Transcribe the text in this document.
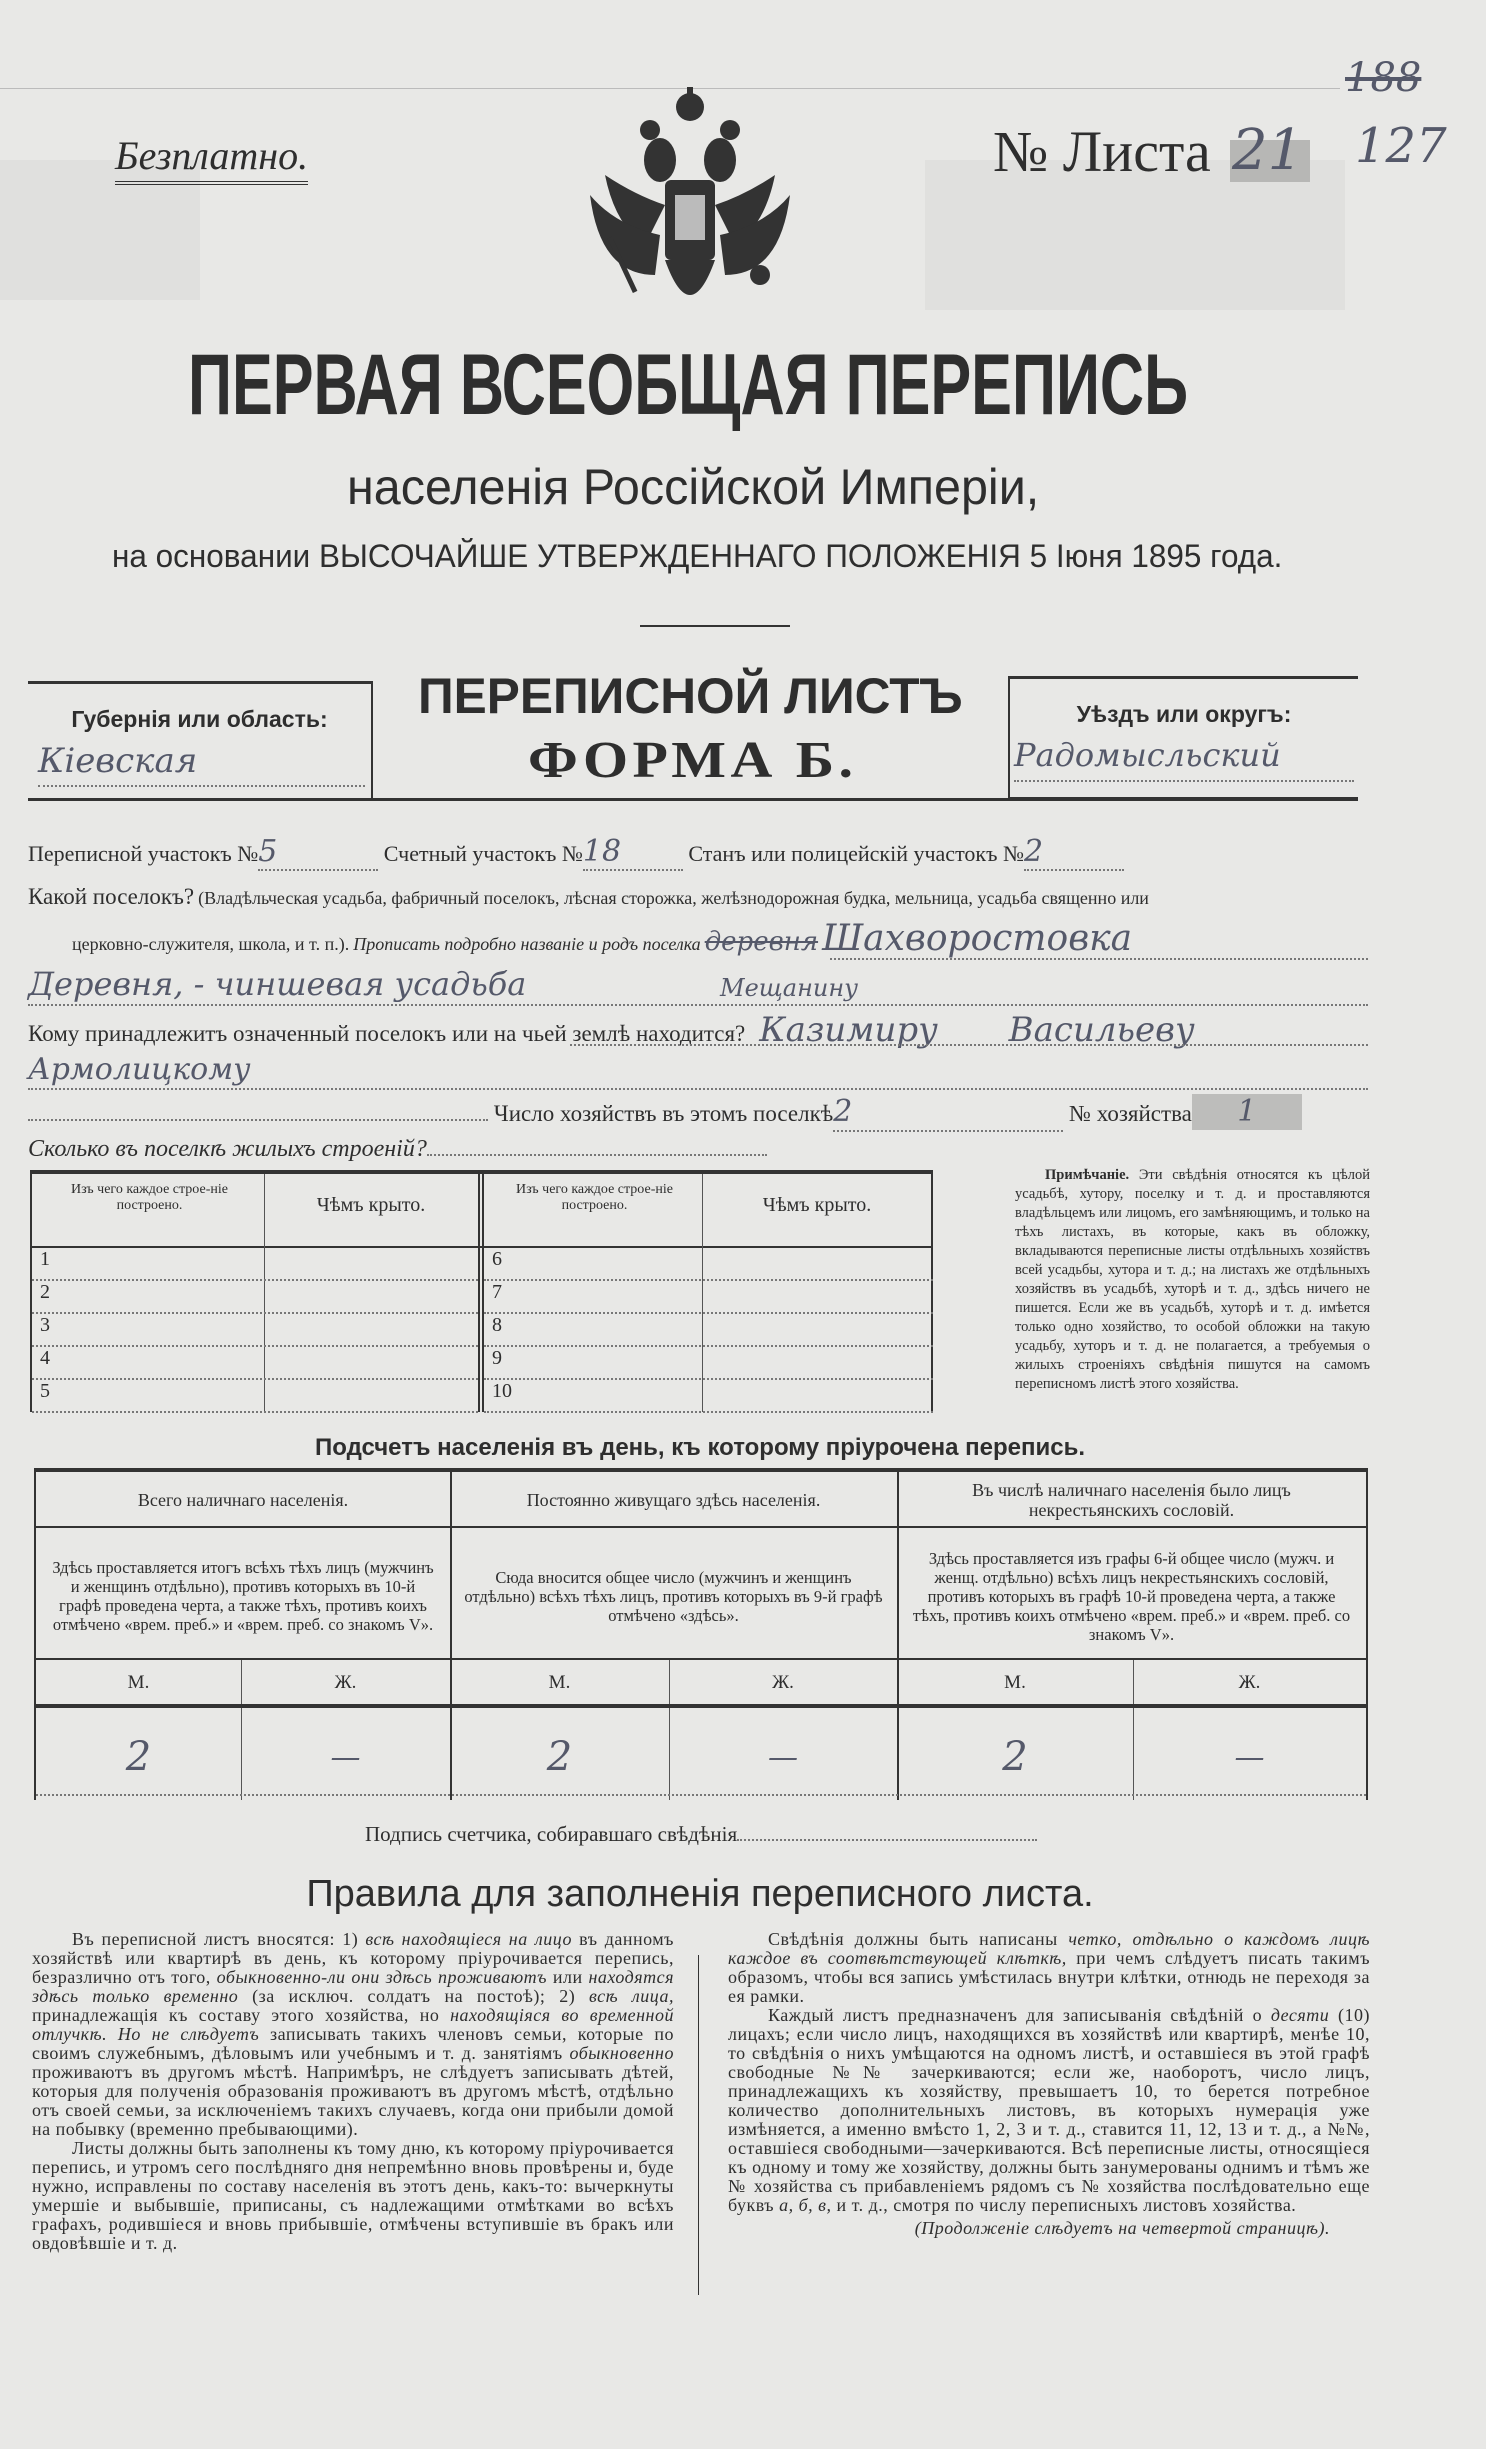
Безплатно.	№ Листа 21
188
127
ПЕРВАЯ ВСЕОБЩАЯ ПЕРЕПИСЬ
населенія Россійской Имперіи,
на основании ВЫСОЧАЙШЕ УТВЕРЖДЕННАГО ПОЛОЖЕНІЯ 5 Іюня 1895 года.
Губернія или область:
Кіевская
ПЕРЕПИСНОЙ ЛИСТЪ
ФОРМА Б.
Уѣздъ или округъ:
Радомысльский
Переписной участокъ №5	Счетный участокъ №18	Станъ или полицейскій участокъ №2
Какой поселокъ? (Владѣльческая усадьба, фабричный поселокъ, лѣсная сторожка, желѣзнодорожная будка, мельница, усадьба священно или
церковно-служителя, школа, и т. п.). Прописать подробно названіе и родъ поселка деревня Шахворостовка
Деревня, - чиншевая усадьба	Мещанину
Кому принадлежитъ означенный поселокъ или на чьей землѣ находится? Казимиру Васильеву
Армолицкому
Число хозяйствъ въ этомъ поселкѣ2	№ хозяйства 1
Сколько въ поселкѣ жилыхъ строеній?
Изъ чего каждое строе-ніе построено.	Чѣмъ крыто.
Изъ чего каждое строе-ніе построено.	Чѣмъ крыто.
1
2
3
4
5
6
7
8
9
10
Примѣчаніе. Эти свѣдѣнія относятся къ цѣлой усадьбѣ, хутору, поселку и т. д. и проставляются владѣльцемъ или лицомъ, его замѣняющимъ, и только на тѣхъ листахъ, въ которые, какъ въ обложку, вкладываются переписные листы отдѣльныхъ хозяйствъ всей усадьбы, хутора и т. д.; на листахъ же отдѣльныхъ хозяйствъ въ усадьбѣ, хуторѣ и т. д., здѣсь ничего не пишется. Если же въ усадьбѣ, хуторѣ и т. д. имѣется только одно хозяйство, то особой обложки на такую усадьбу, хуторъ и т. д. не полагается, а требуемыя о жилыхъ строеніяхъ свѣдѣнія пишутся на самомъ переписномъ листѣ этого хозяйства.
Подсчетъ населенія въ день, къ которому пріурочена перепись.
Всего наличнаго населенія.
Здѣсь проставляется итогъ всѣхъ тѣхъ лицъ (мужчинъ и женщинъ отдѣльно), противъ которыхъ въ 10-й графѣ проведена черта, а также тѣхъ, противъ коихъ отмѣчено «врем. преб.» и «врем. преб. со знакомъ V».
М.	Ж.
2	—
Постоянно живущаго здѣсь населенія.
Сюда вносится общее число (мужчинъ и женщинъ отдѣльно) всѣхъ тѣхъ лицъ, противъ которыхъ въ 9-й графѣ отмѣчено «здѣсь».
М.	Ж.
2	—
Въ числѣ наличнаго населенія было лицъ некрестьянскихъ сословій.
Здѣсь проставляется изъ графы 6-й общее число (мужч. и женщ. отдѣльно) всѣхъ лицъ некрестьянскихъ сословій, противъ которыхъ въ графѣ 10-й проведена черта, а также тѣхъ, противъ коихъ отмѣчено «врем. преб.» и «врем. преб. со знакомъ V».
М.	Ж.
2	—
Подпись счетчика, собиравшаго свѣдѣнія
Правила для заполненія переписного листа.

Въ переписной листъ вносятся: 1) всѣ находящіеся на лицо въ данномъ хозяйствѣ или квартирѣ въ день, къ которому пріурочивается перепись, безразлично отъ того, обыкновенно-ли они здѣсь проживаютъ или находятся здѣсь только временно (за исключ. солдатъ на постоѣ); 2) всѣ лица, принадлежащія къ составу этого хозяйства, но находящіяся во временной отлучкѣ. Но не слѣдуетъ записывать такихъ членовъ семьи, которые по своимъ служебнымъ, дѣловымъ или учебнымъ и т. д. занятіямъ обыкновенно проживаютъ въ другомъ мѣстѣ. Напримѣръ, не слѣдуетъ записывать дѣтей, которыя для полученія образованія проживаютъ въ другомъ мѣстѣ, отдѣльно отъ своей семьи, за исключеніемъ такихъ случаевъ, когда они прибыли домой на побывку (временно пребывающими).

Листы должны быть заполнены къ тому дню, къ которому пріурочивается перепись, и утромъ сего послѣдняго дня непремѣнно вновь провѣрены и, буде нужно, исправлены по составу населенія въ этотъ день, какъ-то: вычеркнуты умершіе и выбывшіе, приписаны, съ надлежащими отмѣтками во всѣхъ графахъ, родившіеся и вновь прибывшіе, отмѣчены вступившіе въ бракъ или овдовѣвшіе и т. д.

Свѣдѣнія должны быть написаны четко, отдѣльно о каждомъ лицѣ каждое въ соотвѣтствующей клѣткѣ, при чемъ слѣдуетъ писать такимъ образомъ, чтобы вся запись умѣстилась внутри клѣтки, отнюдь не переходя за ея рамки.

Каждый листъ предназначенъ для записыванія свѣдѣній о десяти (10) лицахъ; если число лицъ, находящихся въ хозяйствѣ или квартирѣ, менѣе 10, то свѣдѣнія о нихъ умѣщаются на одномъ листѣ, и оставшіеся въ этой графѣ свободные №№ зачеркиваются; если же, наоборотъ, число лицъ, принадлежащихъ къ хозяйству, превышаетъ 10, то берется потребное количество дополнительныхъ листовъ, въ которыхъ нумерація уже измѣняется, а именно вмѣсто 1, 2, 3 и т. д., ставится 11, 12, 13 и т. д., а №№, оставшіеся свободными—зачеркиваются. Всѣ переписные листы, относящіеся къ одному и тому же хозяйству, должны быть занумерованы однимъ и тѣмъ же № хозяйства съ прибавленіемъ рядомъ съ № хозяйства послѣдовательно еще буквъ а, б, в, и т. д., смотря по числу переписныхъ листовъ хозяйства.

(Продолженіе слѣдуетъ на четвертой страницѣ).
